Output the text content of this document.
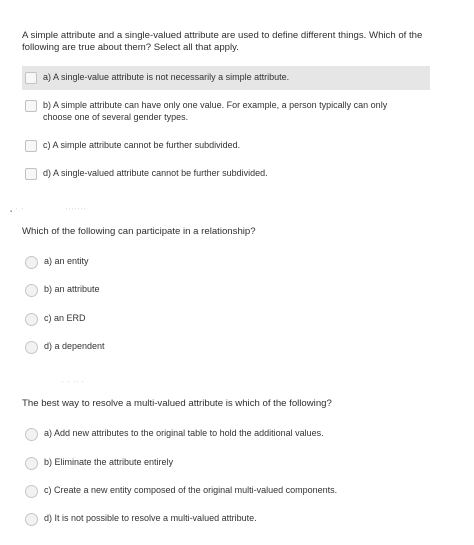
A simple attribute and a single-valued attribute are used to define different things. Which of the following are true about them? Select all that apply.

a) A single-value attribute is not necessarily a simple attribute.
b) A simple attribute can have only one value. For example, a person typically can only choose one of several gender types.
c) A simple attribute cannot be further subdivided.
d) A single-valued attribute cannot be further subdivided.
▪ ˙ ˙	˙˙˙˙˙˙˙

Which of the following can participate in a relationship?

a) an entity
b) an attribute
c) an ERD
d) a dependent
˙ ˙ ˙˙ ˙

The best way to resolve a multi-valued attribute is which of the following?

a) Add new attributes to the original table to hold the additional values.
b) Eliminate the attribute entirely
c) Create a new entity composed of the original multi-valued components.
d) It is not possible to resolve a multi-valued attribute.
